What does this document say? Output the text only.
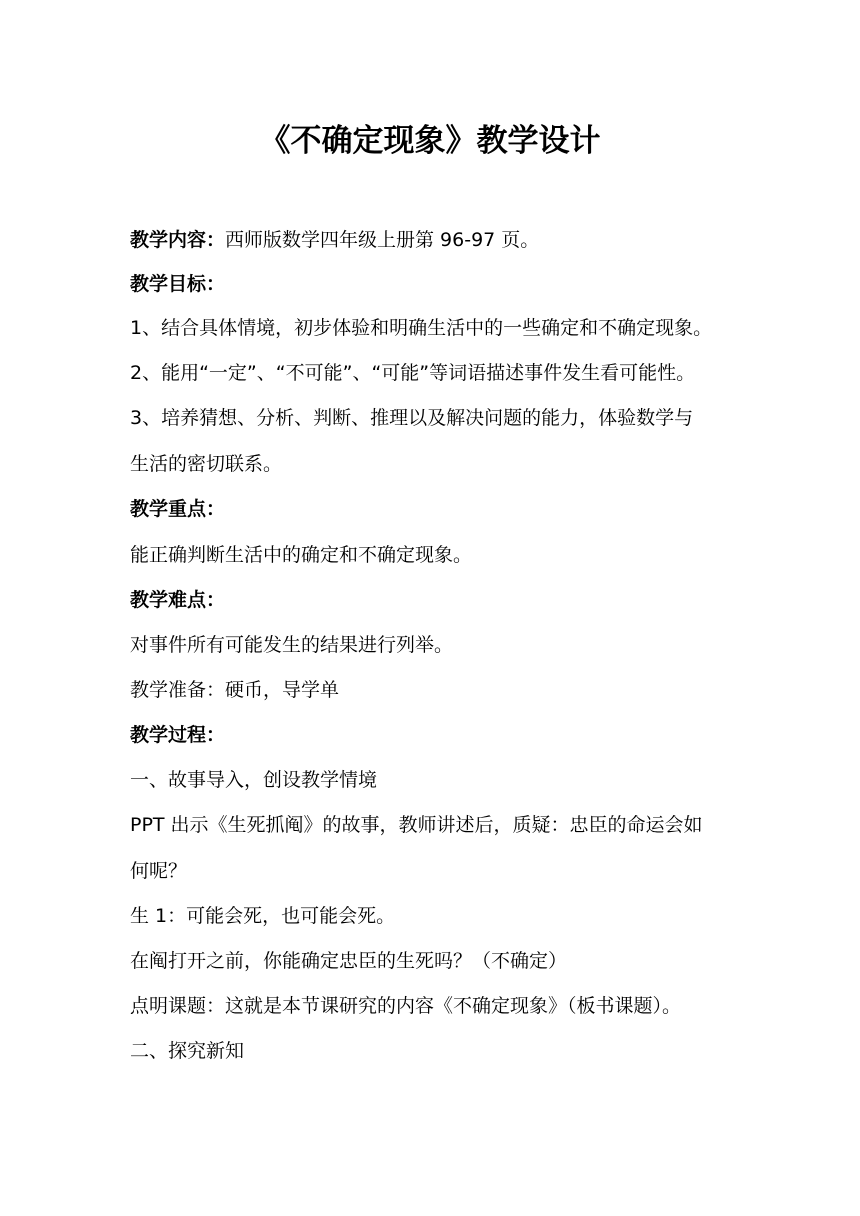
《不确定现象》教学设计
教学内容：西师版数学四年级上册第 96-97 页。
教学目标：
1、结合具体情境，初步体验和明确生活中的一些确定和不确定现象。
2、能用“一定”、“不可能”、“可能”等词语描述事件发生看可能性。
3、培养猜想、分析、判断、推理以及解决问题的能力，体验数学与
生活的密切联系。
教学重点：
能正确判断生活中的确定和不确定现象。
教学难点：
对事件所有可能发生的结果进行列举。
教学准备：硬币，导学单
教学过程：
一、故事导入，创设教学情境
PPT 出示《生死抓阄》的故事，教师讲述后，质疑：忠臣的命运会如
何呢？
生 1：可能会死，也可能会死。
在阄打开之前，你能确定忠臣的生死吗？（不确定）
点明课题：这就是本节课研究的内容《不确定现象》（板书课题）。
二、探究新知
